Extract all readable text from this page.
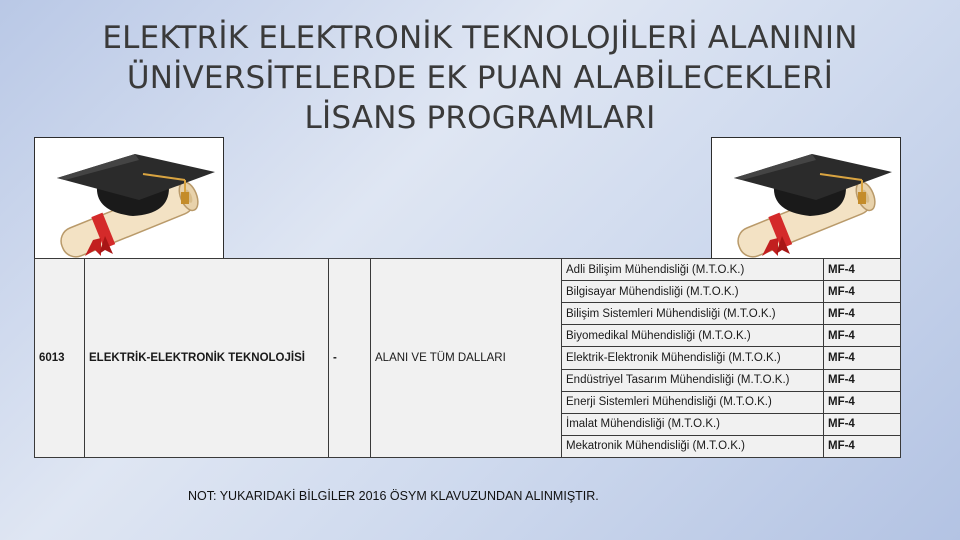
ELEKTRİK ELEKTRONİK TEKNOLOJİLERİ ALANININ
ÜNİVERSİTELERDE EK PUAN ALABİLECEKLERİ
LİSANS PROGRAMLARI
6013	ELEKTRİK-ELEKTRONİK TEKNOLOJİSİ	-	ALANI VE TÜM DALLARI	Adli Bilişim Mühendisliği (M.T.O.K.)	MF-4
				Bilgisayar Mühendisliği (M.T.O.K.)	MF-4
				Bilişim Sistemleri Mühendisliği (M.T.O.K.)	MF-4
				Biyomedikal Mühendisliği (M.T.O.K.)	MF-4
				Elektrik-Elektronik Mühendisliği (M.T.O.K.)	MF-4
				Endüstriyel Tasarım Mühendisliği (M.T.O.K.)	MF-4
				Enerji Sistemleri Mühendisliği (M.T.O.K.)	MF-4
				İmalat Mühendisliği (M.T.O.K.)	MF-4
				Mekatronik Mühendisliği (M.T.O.K.)	MF-4
NOT: YUKARIDAKİ BİLGİLER 2016 ÖSYM KLAVUZUNDAN ALINMIŞTIR.
